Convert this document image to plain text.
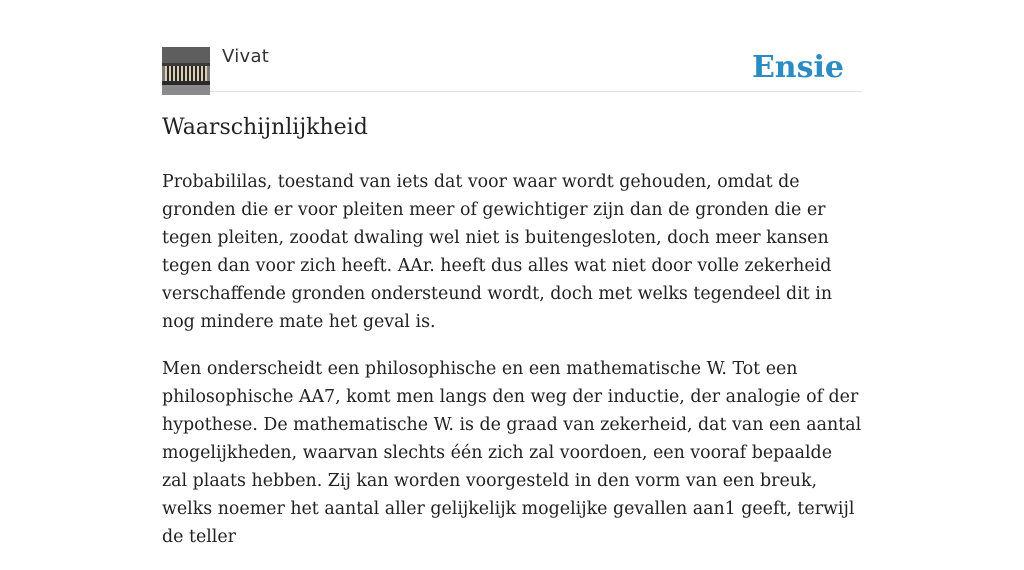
Vivat	Ensie
Waarschijnlijkheid

Probabililas, toestand van iets dat voor waar wordt gehouden, omdat de gronden die er voor pleiten meer of gewichtiger zijn dan de gronden die er tegen pleiten, zoodat dwaling wel niet is buitengesloten, doch meer kansen tegen dan voor zich heeft. AAr. heeft dus alles wat niet door volle zekerheid verschaffende gronden ondersteund wordt, doch met welks tegendeel dit in nog mindere mate het geval is.

Men onderscheidt een philosophische en een mathematische W. Tot een philosophische AA7, komt men langs den weg der inductie, der analogie of der hypothese. De mathematische W. is de graad van zekerheid, dat van een aantal mogelijkheden, waarvan slechts één zich zal voordoen, een vooraf bepaalde zal plaats hebben. Zij kan worden voorgesteld in den vorm van een breuk, welks noemer het aantal aller gelijkelijk mogelijke gevallen aan1 geeft, terwijl de teller
